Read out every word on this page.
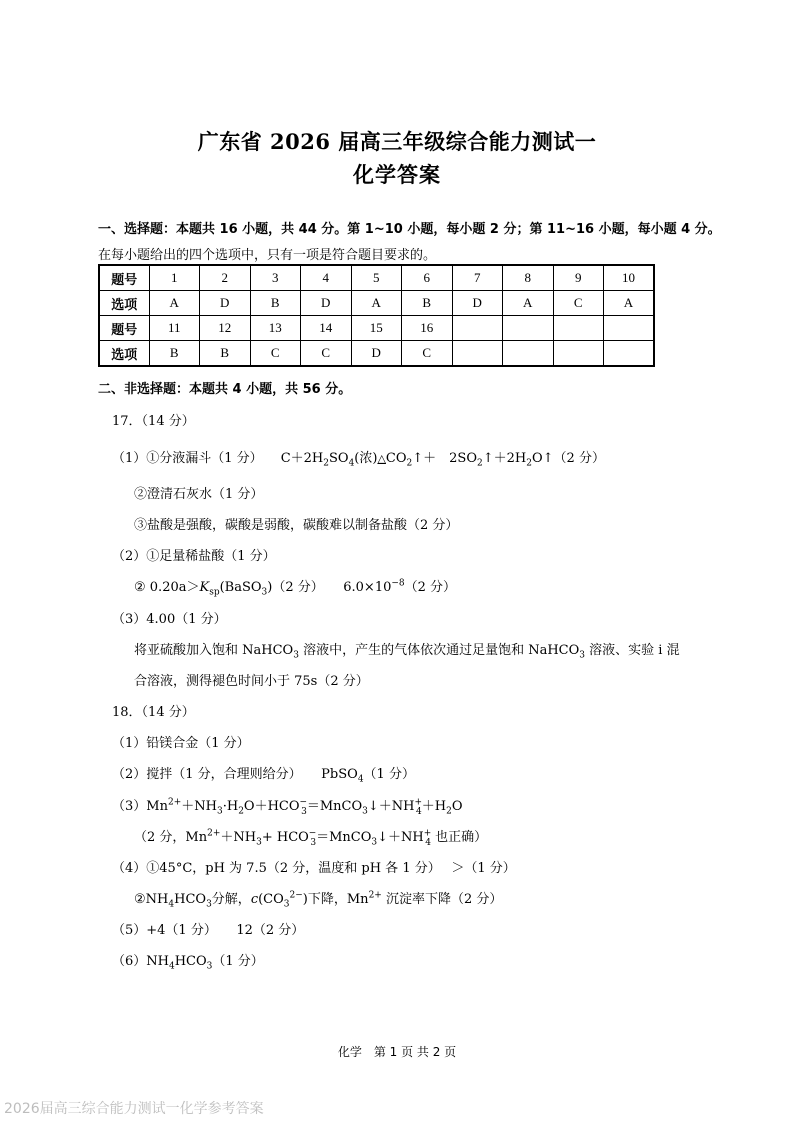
广东省 2026 届高三年级综合能力测试一
化学答案
一、选择题：本题共 16 小题，共 44 分。第 1~10 小题，每小题 2 分；第 11~16 小题，每小题 4 分。
在每小题给出的四个选项中，只有一项是符合题目要求的。
题号	1	2	3	4	5	6	7	8	9	10
选项	A	D	B	D	A	B	D	A	C	A
题号	11	12	13	14	15	16				
选项	B	B	C	C	D	C				
二、非选择题：本题共 4 小题，共 56 分。
17．（14 分）
（1）①分液漏斗（1 分） $C+2H_2SO_4$(浓)$\triangle CO_2↑+$　$2SO_2↑+2H_2O↑(2$ 分）
②澄清石灰水（1 分）
③盐酸是强酸，碳酸是弱酸，碳酸难以制备盐酸（2 分）
（2）①足量稀盐酸（1 分）
② $0.20a>K_{sp}(BaSO_3)(2$ 分）　　$6.0\times 10^{-8}(2$ 分）
（3）4.00（1 分）
将亚硫酸加入饱和 NaHCO$_3$ 溶液中，产生的气体依次通过足量饱和 NaHCO$_3$ 溶液、实验 i 混
合溶液，测得褪色时间小于 75s（2 分）
18．（14 分）
（1）铅镁合金（1 分）
（2）搅拌（1 分，合理则给分）　　PbSO$_4$（1 分）
$(3)Mn^{2+}+NH_3\cdot H_2O+HCO^-_3=MnCO_3↓+NH^+_4+H_2O$
（2 分，$Mn^{2+}+NH_3+$ $HCO^-_3=MnCO_3↓+NH^+_4$ 也正确）
（4）①45°C，pH 为 7.5（2 分，温度和 pH 各 1 分）　 ＞（1 分）
$②NH_4HCO_3$分解，$c(CO_3^{2-})$下降，$Mn^{2+}$ 沉淀率下降（2 分）
（5）+4（1 分）　　12（2 分）
$(6)NH_4HCO_3(1$ 分）
化学　第 1 页 共 2 页
2026届高三综合能力测试一化学参考答案
